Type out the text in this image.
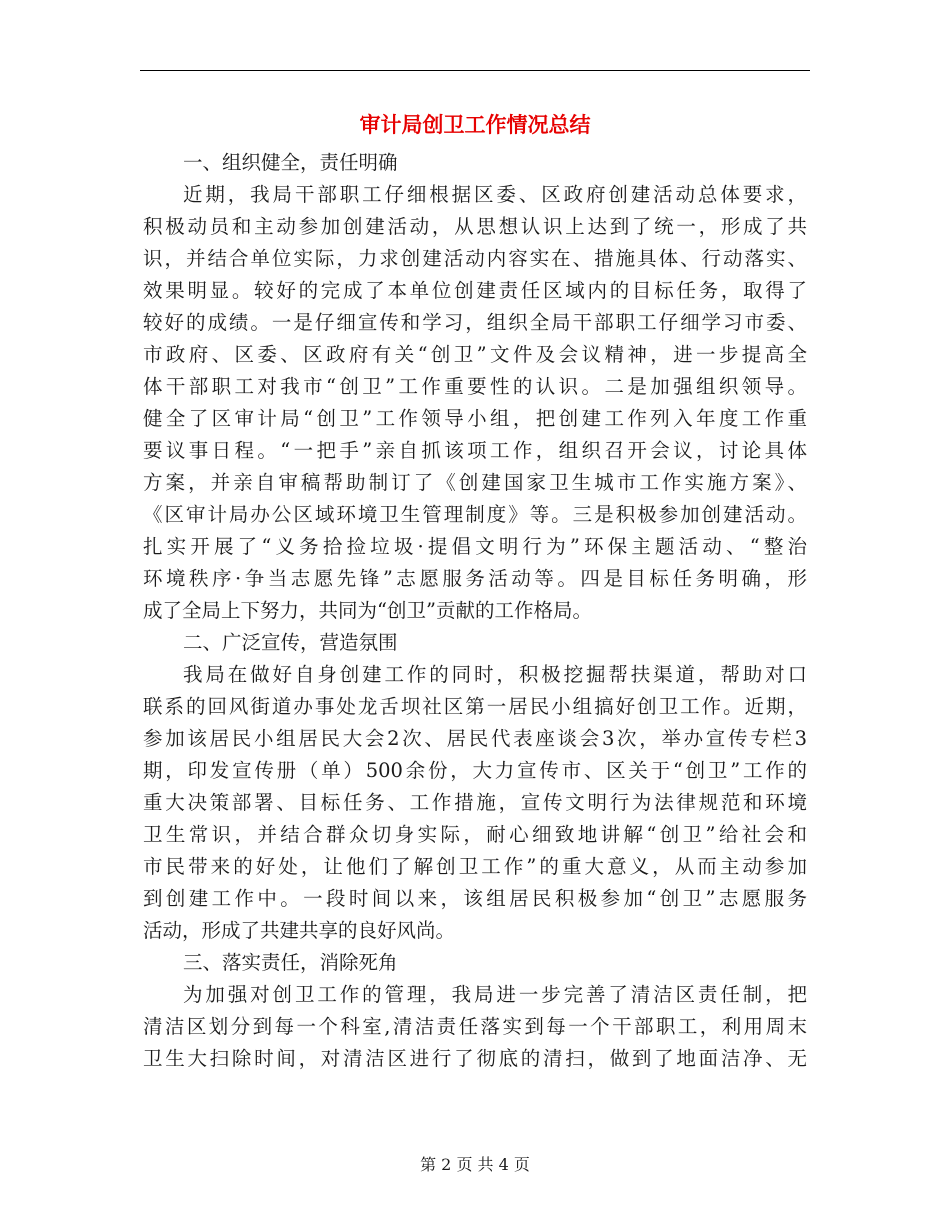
审计局创卫工作情况总结
一、组织健全，责任明确
近期，我局干部职工仔细根据区委、区政府创建活动总体要求，
积极动员和主动参加创建活动，从思想认识上达到了统一，形成了共
识，并结合单位实际，力求创建活动内容实在、措施具体、行动落实、
效果明显。较好的完成了本单位创建责任区域内的目标任务，取得了
较好的成绩。一是仔细宣传和学习，组织全局干部职工仔细学习市委、
市政府、区委、区政府有关“创卫”文件及会议精神，进一步提高全
体干部职工对我市“创卫”工作重要性的认识。二是加强组织领导。
健全了区审计局“创卫”工作领导小组，把创建工作列入年度工作重
要议事日程。“一把手”亲自抓该项工作，组织召开会议，讨论具体
方案，并亲自审稿帮助制订了《创建国家卫生城市工作实施方案》、
《区审计局办公区域环境卫生管理制度》等。三是积极参加创建活动。
扎实开展了“义务拾捡垃圾·提倡文明行为”环保主题活动、“整治
环境秩序·争当志愿先锋”志愿服务活动等。四是目标任务明确，形
成了全局上下努力，共同为“创卫”贡献的工作格局。
二、广泛宣传，营造氛围
我局在做好自身创建工作的同时，积极挖掘帮扶渠道，帮助对口
联系的回风街道办事处龙舌坝社区第一居民小组搞好创卫工作。近期，
参加该居民小组居民大会2次、居民代表座谈会3次，举办宣传专栏3
期，印发宣传册（单）500余份，大力宣传市、区关于“创卫”工作的
重大决策部署、目标任务、工作措施，宣传文明行为法律规范和环境
卫生常识，并结合群众切身实际，耐心细致地讲解“创卫”给社会和
市民带来的好处，让他们了解创卫工作”的重大意义，从而主动参加
到创建工作中。一段时间以来，该组居民积极参加“创卫”志愿服务
活动，形成了共建共享的良好风尚。
三、落实责任，消除死角
为加强对创卫工作的管理，我局进一步完善了清洁区责任制，把
清洁区划分到每一个科室,清洁责任落实到每一个干部职工，利用周末
卫生大扫除时间，对清洁区进行了彻底的清扫，做到了地面洁净、无
第 2 页 共 4 页
